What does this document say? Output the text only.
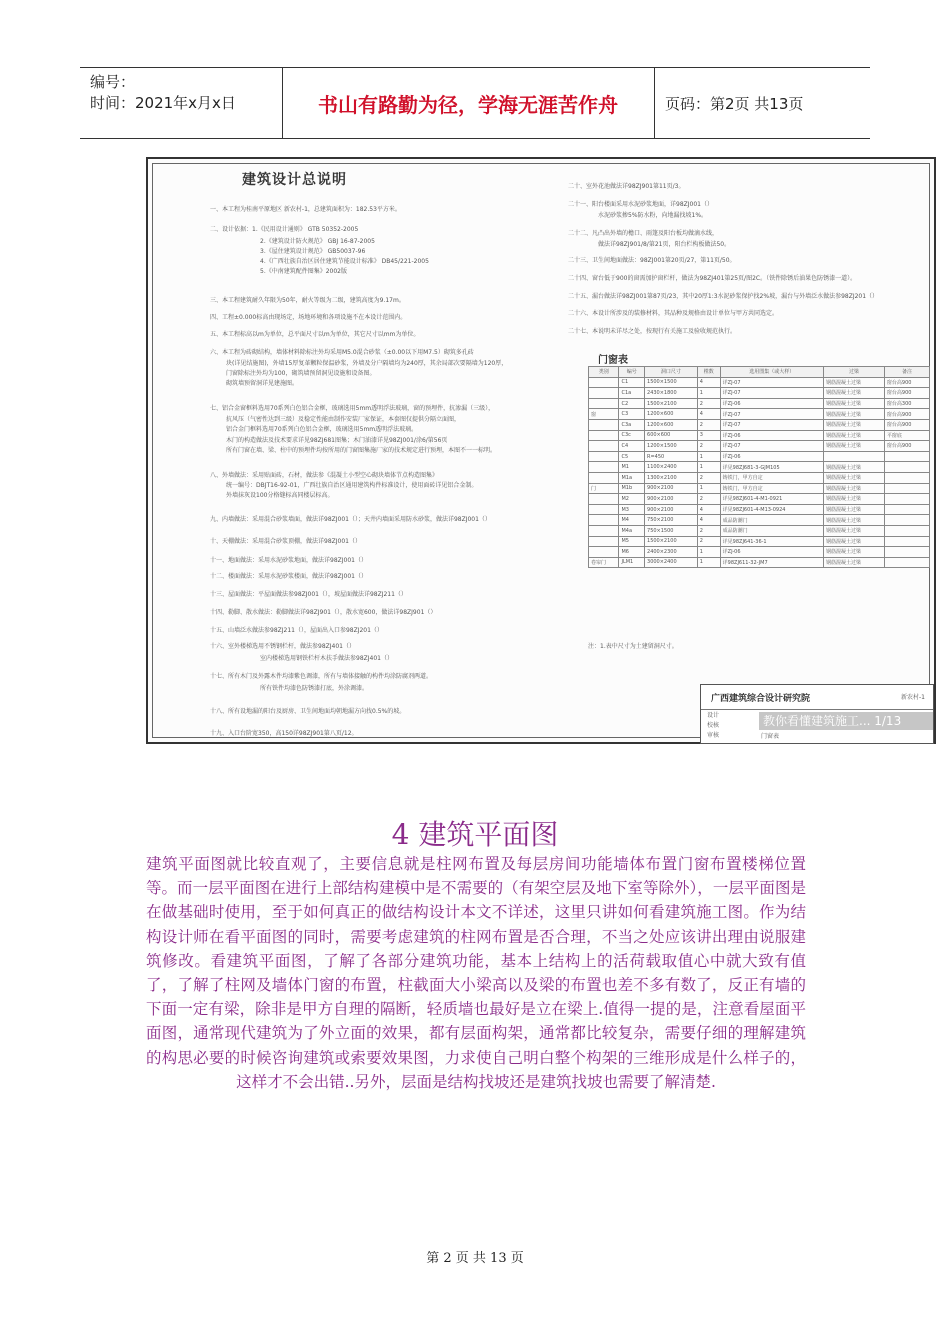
编号：
时间：2021年x月x日	书山有路勤为径，学海无涯苦作舟	页码：第2页 共13页
建筑设计总说明
一、本工程为桂南平原地区 新农村-1，总建筑面积为：182.53平方米。
二、设计依据：1.《民用设计通则》 GTB 50352-2005
2.《建筑设计防火规范》 GBJ 16-87-2005
3.《屋住建筑设计规范》 GB50037-96
4.《广西壮族自治区居住建筑节能设计标准》 DB45/221-2005
5.《中南建筑配件图集》2002版
三、本工程建筑耐久年限为50年，耐火等级为二级，建筑高度为9.17m。
四、工程±0.000标高由现场定，场地环境和各项设施不在本设计范围内。
五、本工程标高以m为单位，总平面尺寸以m为单位，其它尺寸以mm为单位。
六、本工程为砖砌结构，墙体材料除标注外均采用M5.0混合砂浆（±0.00以下用M7.5）砌筑多孔砖
块(详见结施图)，外墙15厚复革颗粒保温砂浆，外墙及分户隔墙均为240厚，其余局部次要隔墙为120厚，
门窗除标注外均为100，砌筑墙预留洞见设施和设备图。
砌筑墙预留洞详见建施图。
七、铝合金窗框料选用70系列白色铝合金框，玻璃选用5mm透明浮法玻璃，窗的预埋件，抗渗漏（三级），
抗风压（气密性达到三级）及稳定性能由制作安装厂家保证，本套图仅提供分隔立面图，
铝合金门框料选用70系列白色铝合金框，玻璃选用5mm透明浮法玻璃。
木门的构造做法及技术要求详见98ZJ681图集；木门油漆详见98ZJ001/涂6/第56页
所有门窗在墙、梁、柱中的预埋件均按所用的门窗图集施厂家的技术规定进行预埋，本图不一一标明。
八、外墙做法：采用贴面砖，石材，做法参《混凝土小型空心砌块墙体节点构造图集》
统一编号：DBJT16-92-01，广西壮族自治区通用建筑构件标准设计，使用面砖详见铝合金制。
外墙抹灰设100分格缝标高同楼层标高。
九、内墙做法：采用混合砂浆墙面，做法详98ZJ001（）；天井内墙面采用防水砂浆，做法详98ZJ001（）
十、天棚做法：采用混合砂浆顶棚，做法详98ZJ001（）
十一、地面做法：采用水泥砂浆地面，做法详98ZJ001（）
十二、楼面做法：采用水泥砂浆楼面，做法详98ZJ001（）
十三、屋面做法：平屋面做法参98ZJ001（），坡屋面做法详98ZJ211（）
十四、勒脚、散水做法：勒脚做法详98ZJ901（），散水宽600，做法详98ZJ901（）
十五、山墙泛水做法参98ZJ211（），屋面出入口参98ZJ201（）
十六、室外楼梯选用不锈钢栏杆，做法参98ZJ401（）
室内楼梯选用钢铁栏杆木扶手做法参98ZJ401（）
十七、所有木门及外露木件均漆紫色调漆，所有与墙体接触的构件均涂防腐剂两道。
所有铁件均漆色防锈漆打底，外涂调漆。
十八、所有设地漏的阳台及厨房、卫生间地面均朝地漏方向找0.5%的坡。
十九、入口台阶宽350，高150详98ZJ901第八页/12。
二十、室外花池做法详98ZJ901第11页/3。
二十一、阳台楼面采用水泥砂浆地面，详98ZJ001（）
水泥砂浆掺5%防水粉，向地漏找坡1%。
二十二、凡凸出外墙的檐口、雨篷及阳台板均做滴水线，
做法详98ZJ901/8/第21页，阳台栏构板做法50。
二十三、卫生间地面做法：98ZJ001第20页/27，第11页/50。
二十四、窗台低于900的窗需加护窗栏杆，做法为98ZJ401第25页/图2C。（铁件除锈后油果色防锈漆一道）。
二十五、漏台做法详98ZJ001第87页/23，其中20厚1:3水泥砂浆保护找2%坡，漏台与外墙泛水做法参98ZJ201（）
二十六、本设计所涉及的装修材料，其品种及规格由设计单位与甲方共同选定。
二十七、本说明未详尽之处，按现行有关施工及验收规范执行。
门窗表
类别	编号	洞口尺寸	樘数	选用图集（或大样）	过梁	备注
	C1	1500×1500	4	详ZJ-07	钢筋混凝土过梁	窗台高900
	C1a	2430×1800	1	详ZJ-07	钢筋混凝土过梁	窗台高900
	C2	1500×2100	2	详ZJ-06	钢筋混凝土过梁	窗台高300
窗	C3	1200×600	4	详ZJ-07	钢筋混凝土过梁	窗台高900
	C3a	1200×600	2	详ZJ-07	钢筋混凝土过梁	窗台高900
	C3c	600×600	3	详ZJ-06	钢筋混凝土过梁	平窗底
	C4	1200×1500	2	详ZJ-07	钢筋混凝土过梁	窗台高900
	C5	R=450	1	详ZJ-06		
	M1	1100×2400	1	详见98ZJ681-3-GJM105	钢筋混凝土过梁	
	M1a	1300×2100	2	铸铁门，甲方自定	钢筋混凝土过梁	
门	M1b	900×2100	1	铸铁门，甲方自定	钢筋混凝土过梁	
	M2	900×2100	2	详见98ZJ601-4-M1-0921	钢筋混凝土过梁	
	M3	900×2100	4	详见98ZJ601-4-M13-0924	钢筋混凝土过梁	
	M4	750×2100	4	成品防潮门	钢筋混凝土过梁	
	M4a	750×1500	2	成品防潮门	钢筋混凝土过梁	
	M5	1500×2100	2	详见98ZJ641-36-1	钢筋混凝土过梁	
	M6	2400×2300	1	详ZJ-06	钢筋混凝土过梁	
卷帘门	JLM1	3000×2400	1	详98ZJ611-32-JM7	钢筋混凝土过梁	
注：1.表中尺寸为土建留洞尺寸。
广西建筑综合设计研究院	新农村-1
设计
校核
审核
教你看懂建筑施工... 1/13
门窗表
4 建筑平面图
建筑平面图就比较直观了，主要信息就是柱网布置及每层房间功能墙体布置门窗布置楼梯位置等。而一层平面图在进行上部结构建模中是不需要的（有架空层及地下室等除外），一层平面图是在做基础时使用，至于如何真正的做结构设计本文不详述，这里只讲如何看建筑施工图。作为结构设计师在看平面图的同时，需要考虑建筑的柱网布置是否合理，不当之处应该讲出理由说服建筑修改。看建筑平面图，了解了各部分建筑功能，基本上结构上的活荷载取值心中就大致有值了，了解了柱网及墙体门窗的布置，柱截面大小梁高以及梁的布置也差不多有数了，反正有墙的下面一定有梁，除非是甲方自理的隔断，轻质墙也最好是立在梁上.值得一提的是，注意看屋面平面图，通常现代建筑为了外立面的效果，都有层面构架，通常都比较复杂，需要仔细的理解建筑的构思必要的时候咨询建筑或索要效果图，力求使自己明白整个构架的三维形成是什么样子的，这样才不会出错..另外，层面是结构找坡还是建筑找坡也需要了解清楚.
第 2 页 共 13 页
